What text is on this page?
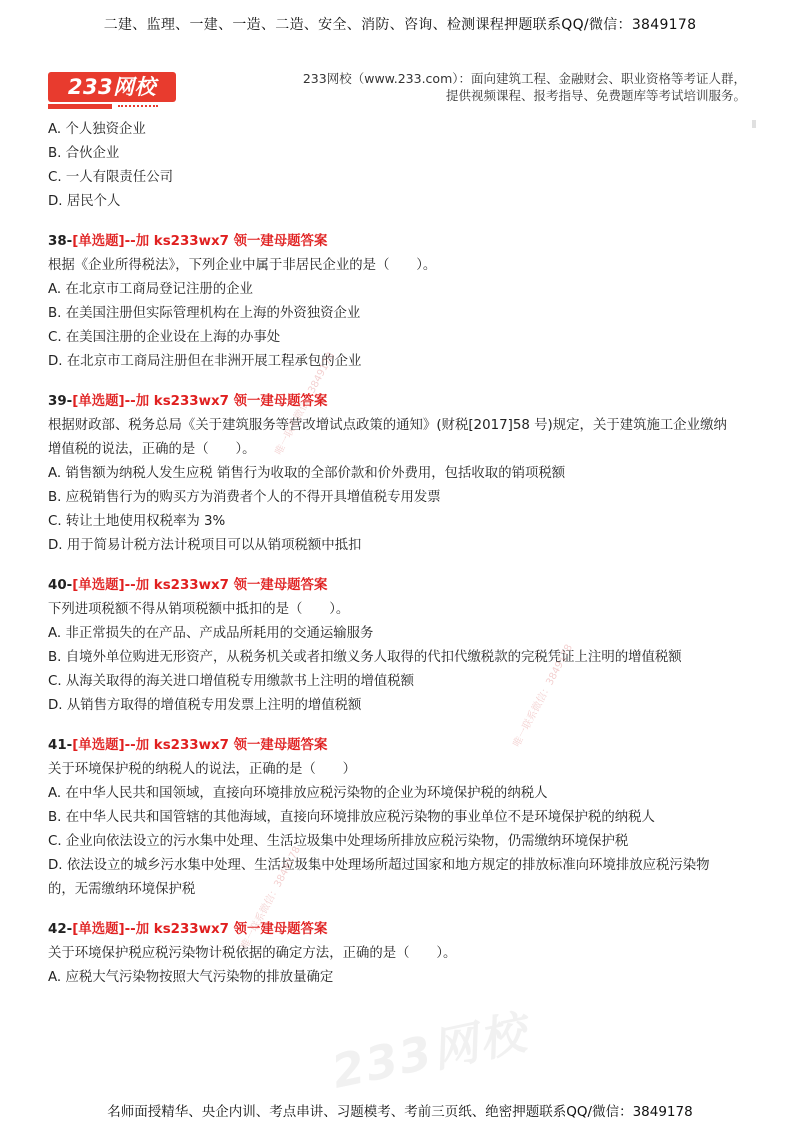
二建、监理、一建、一造、二造、安全、消防、咨询、检测课程押题联系QQ/微信：3849178
233网校	233网校（www.233.com）：面向建筑工程、金融财会、职业资格等考证人群，
提供视频课程、报考指导、免费题库等考试培训服务。
A. 个人独资企业
B. 合伙企业
C. 一人有限责任公司
D. 居民个人
38-[单选题]--加 ks233wx7 领一建母题答案
根据《企业所得税法》，下列企业中属于非居民企业的是（　　）。
A. 在北京市工商局登记注册的企业
B. 在美国注册但实际管理机构在上海的外资独资企业
C. 在美国注册的企业设在上海的办事处
D. 在北京市工商局注册但在非洲开展工程承包的企业
39-[单选题]--加 ks233wx7 领一建母题答案
根据财政部、税务总局《关于建筑服务等营改增试点政策的通知》(财税[2017]58 号)规定，关于建筑施工企业缴纳
增值税的说法，正确的是（　　）。
A. 销售额为纳税人发生应税 销售行为收取的全部价款和价外费用，包括收取的销项税额
B. 应税销售行为的购买方为消费者个人的不得开具增值税专用发票
C. 转让土地使用权税率为 3%
D. 用于简易计税方法计税项目可以从销项税额中抵扣
40-[单选题]--加 ks233wx7 领一建母题答案
下列进项税额不得从销项税额中抵扣的是（　　）。
A. 非正常损失的在产品、产成品所耗用的交通运输服务
B. 自境外单位购进无形资产，从税务机关或者扣缴义务人取得的代扣代缴税款的完税凭证上注明的增值税额
C. 从海关取得的海关进口增值税专用缴款书上注明的增值税额
D. 从销售方取得的增值税专用发票上注明的增值税额
41-[单选题]--加 ks233wx7 领一建母题答案
关于环境保护税的纳税人的说法，正确的是（　　）
A. 在中华人民共和国领域，直接向环境排放应税污染物的企业为环境保护税的纳税人
B. 在中华人民共和国管辖的其他海域，直接向环境排放应税污染物的事业单位不是环境保护税的纳税人
C. 企业向依法设立的污水集中处理、生活垃圾集中处理场所排放应税污染物，仍需缴纳环境保护税
D. 依法设立的城乡污水集中处理、生活垃圾集中处理场所超过国家和地方规定的排放标准向环境排放应税污染物
的，无需缴纳环境保护税
42-[单选题]--加 ks233wx7 领一建母题答案
关于环境保护税应税污染物计税依据的确定方法，正确的是（　　）。
A. 应税大气污染物按照大气污染物的排放量确定
唯一联系微信：3849178
唯一联系微信：3849178
唯一联系微信：3849178
233网校
名师面授精华、央企内训、考点串讲、习题模考、考前三页纸、绝密押题联系QQ/微信：3849178
